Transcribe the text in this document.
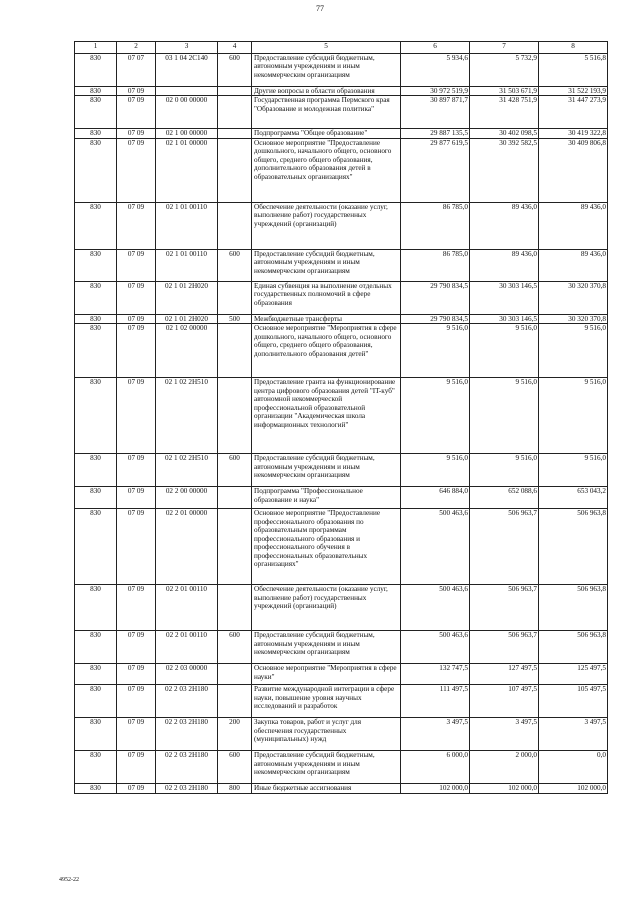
77
1	2	3	4	5	6	7	8
830	07 07	03 1 04 2С140	600	Предоставление субсидий бюджетным, автономным учреждениям и иным некоммерческим организациям	5 934,6	5 732,9	5 516,8
830	07 09			Другие вопросы в области образования	30 972 519,9	31 503 671,9	31 522 193,9
830	07 09	02 0 00 00000		Государственная программа Пермского края "Образование и молодежная политика"	30 897 871,7	31 428 751,9	31 447 273,9
830	07 09	02 1 00 00000		Подпрограмма "Общее образование"	29 887 135,5	30 402 098,5	30 419 322,8
830	07 09	02 1 01 00000		Основное мероприятие "Предоставление дошкольного, начального общего, основного общего, среднего общего образования, дополнительного образования детей в образовательных организациях"	29 877 619,5	30 392 582,5	30 409 806,8
830	07 09	02 1 01 00110		Обеспечение деятельности (оказание услуг, выполнение работ) государственных учреждений (организаций)	86 785,0	89 436,0	89 436,0
830	07 09	02 1 01 00110	600	Предоставление субсидий бюджетным, автономным учреждениям и иным некоммерческим организациям	86 785,0	89 436,0	89 436,0
830	07 09	02 1 01 2Н020		Единая субвенция на выполнение отдельных государственных полномочий в сфере образования	29 790 834,5	30 303 146,5	30 320 370,8
830	07 09	02 1 01 2Н020	500	Межбюджетные трансферты	29 790 834,5	30 303 146,5	30 320 370,8
830	07 09	02 1 02 00000		Основное мероприятие "Мероприятия в сфере дошкольного, начального общего, основного общего, среднего общего образования, дополнительного образования детей"	9 516,0	9 516,0	9 516,0
830	07 09	02 1 02 2Н510		Предоставление гранта на функционирование центра цифрового образования детей "IT-куб" автономной некоммерческой профессиональной образовательной организации "Академическая школа информационных технологий"	9 516,0	9 516,0	9 516,0
830	07 09	02 1 02 2Н510	600	Предоставление субсидий бюджетным, автономным учреждениям и иным некоммерческим организациям	9 516,0	9 516,0	9 516,0
830	07 09	02 2 00 00000		Подпрограмма "Профессиональное образование и наука"	646 884,0	652 088,6	653 043,2
830	07 09	02 2 01 00000		Основное мероприятие "Предоставление профессионального образования по образовательным программам профессионального образования и профессионального обучения в профессиональных образовательных организациях"	500 463,6	506 963,7	506 963,8
830	07 09	02 2 01 00110		Обеспечение деятельности (оказание услуг, выполнение работ) государственных учреждений (организаций)	500 463,6	506 963,7	506 963,8
830	07 09	02 2 01 00110	600	Предоставление субсидий бюджетным, автономным учреждениям и иным некоммерческим организациям	500 463,6	506 963,7	506 963,8
830	07 09	02 2 03 00000		Основное мероприятие "Мероприятия в сфере науки"	132 747,5	127 497,5	125 497,5
830	07 09	02 2 03 2Н180		Развитие международной интеграции в сфере науки, повышение уровня научных исследований и разработок	111 497,5	107 497,5	105 497,5
830	07 09	02 2 03 2Н180	200	Закупка товаров, работ и услуг для обеспечения государственных (муниципальных) нужд	3 497,5	3 497,5	3 497,5
830	07 09	02 2 03 2Н180	600	Предоставление субсидий бюджетным, автономным учреждениям и иным некоммерческим организациям	6 000,0	2 000,0	0,0
830	07 09	02 2 03 2Н180	800	Иные бюджетные ассигнования	102 000,0	102 000,0	102 000,0
4952-22
